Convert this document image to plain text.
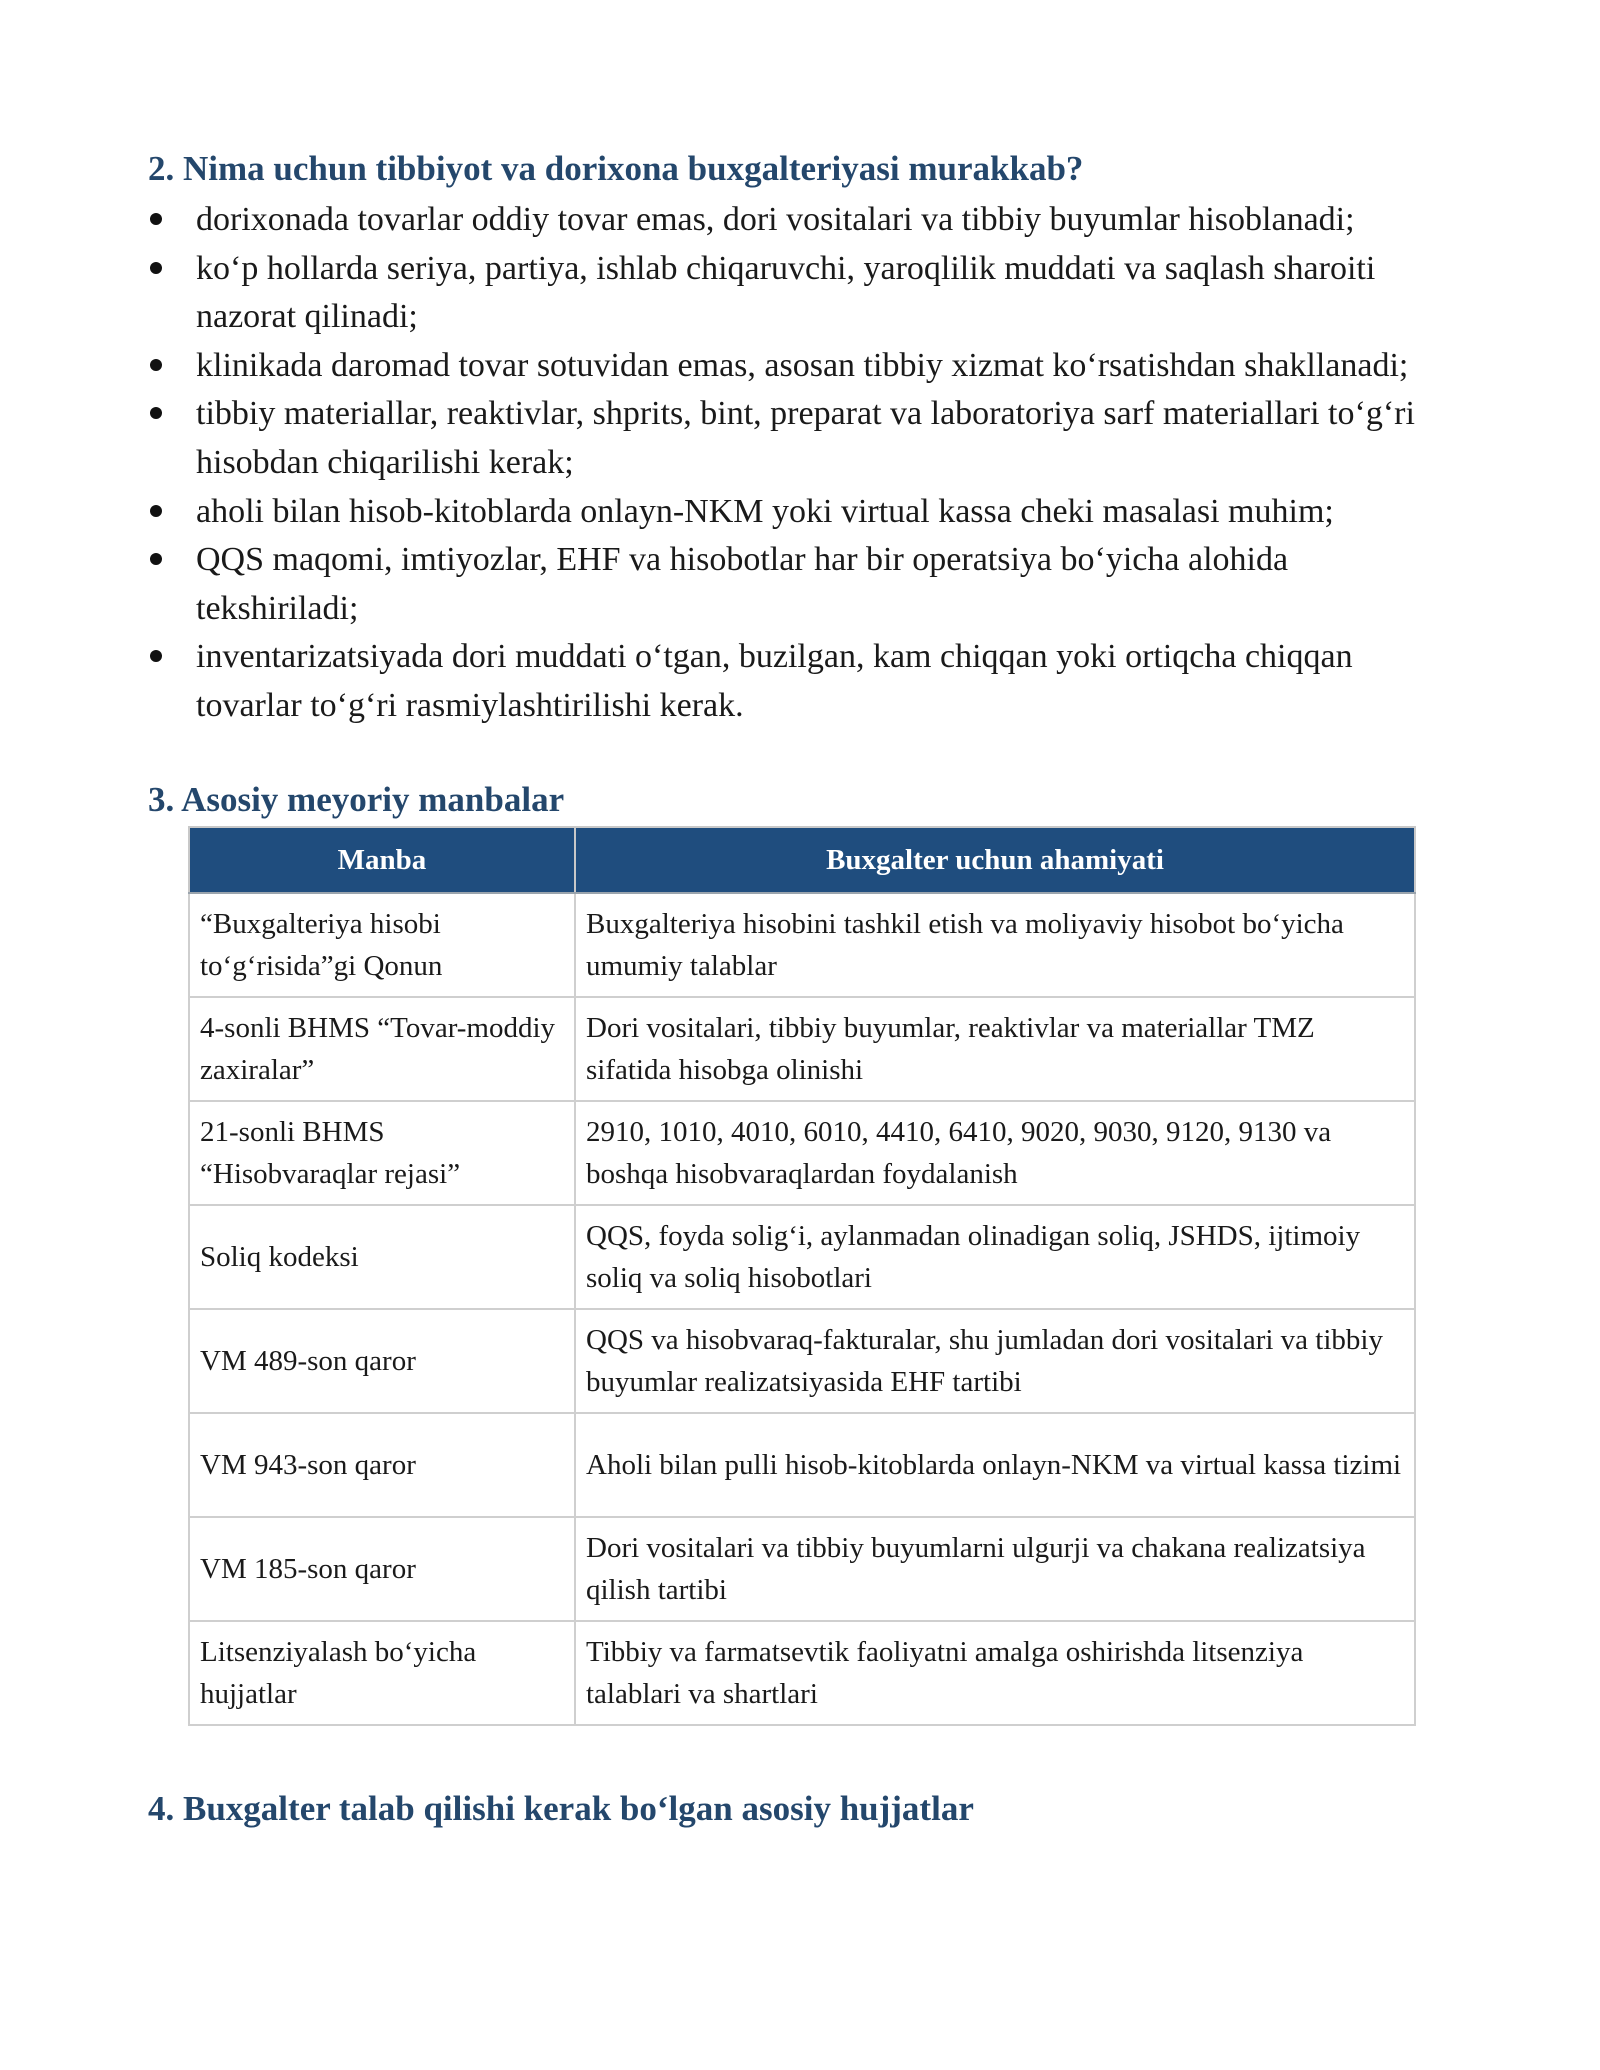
2. Nima uchun tibbiyot va dorixona buxgalteriyasi murakkab?
dorixonada tovarlar oddiy tovar emas, dori vositalari va tibbiy buyumlar hisoblanadi;
ko‘p hollarda seriya, partiya, ishlab chiqaruvchi, yaroqlilik muddati va saqlash sharoiti nazorat qilinadi;
klinikada daromad tovar sotuvidan emas, asosan tibbiy xizmat ko‘rsatishdan shakllanadi;
tibbiy materiallar, reaktivlar, shprits, bint, preparat va laboratoriya sarf materiallari to‘g‘ri hisobdan chiqarilishi kerak;
aholi bilan hisob-kitoblarda onlayn-NKM yoki virtual kassa cheki masalasi muhim;
QQS maqomi, imtiyozlar, EHF va hisobotlar har bir operatsiya bo‘yicha alohida tekshiriladi;
inventarizatsiyada dori muddati o‘tgan, buzilgan, kam chiqqan yoki ortiqcha chiqqan tovarlar to‘g‘ri rasmiylashtirilishi kerak.
3. Asosiy meyoriy manbalar
Manba	Buxgalter uchun ahamiyati
“Buxgalteriya hisobi to‘g‘risida”gi Qonun	Buxgalteriya hisobini tashkil etish va moliyaviy hisobot bo‘yicha umumiy talablar
4-sonli BHMS “Tovar-moddiy zaxiralar”	Dori vositalari, tibbiy buyumlar, reaktivlar va materiallar TMZ sifatida hisobga olinishi
21-sonli BHMS “Hisobvaraqlar rejasi”	2910, 1010, 4010, 6010, 4410, 6410, 9020, 9030, 9120, 9130 va boshqa hisobvaraqlardan foydalanish
Soliq kodeksi	QQS, foyda solig‘i, aylanmadan olinadigan soliq, JSHDS, ijtimoiy soliq va soliq hisobotlari
VM 489-son qaror	QQS va hisobvaraq-fakturalar, shu jumladan dori vositalari va tibbiy buyumlar realizatsiyasida EHF tartibi
VM 943-son qaror	Aholi bilan pulli hisob-kitoblarda onlayn-NKM va virtual kassa tizimi
VM 185-son qaror	Dori vositalari va tibbiy buyumlarni ulgurji va chakana realizatsiya qilish tartibi
Litsenziyalash bo‘yicha hujjatlar	Tibbiy va farmatsevtik faoliyatni amalga oshirishda litsenziya talablari va shartlari
4. Buxgalter talab qilishi kerak bo‘lgan asosiy hujjatlar
